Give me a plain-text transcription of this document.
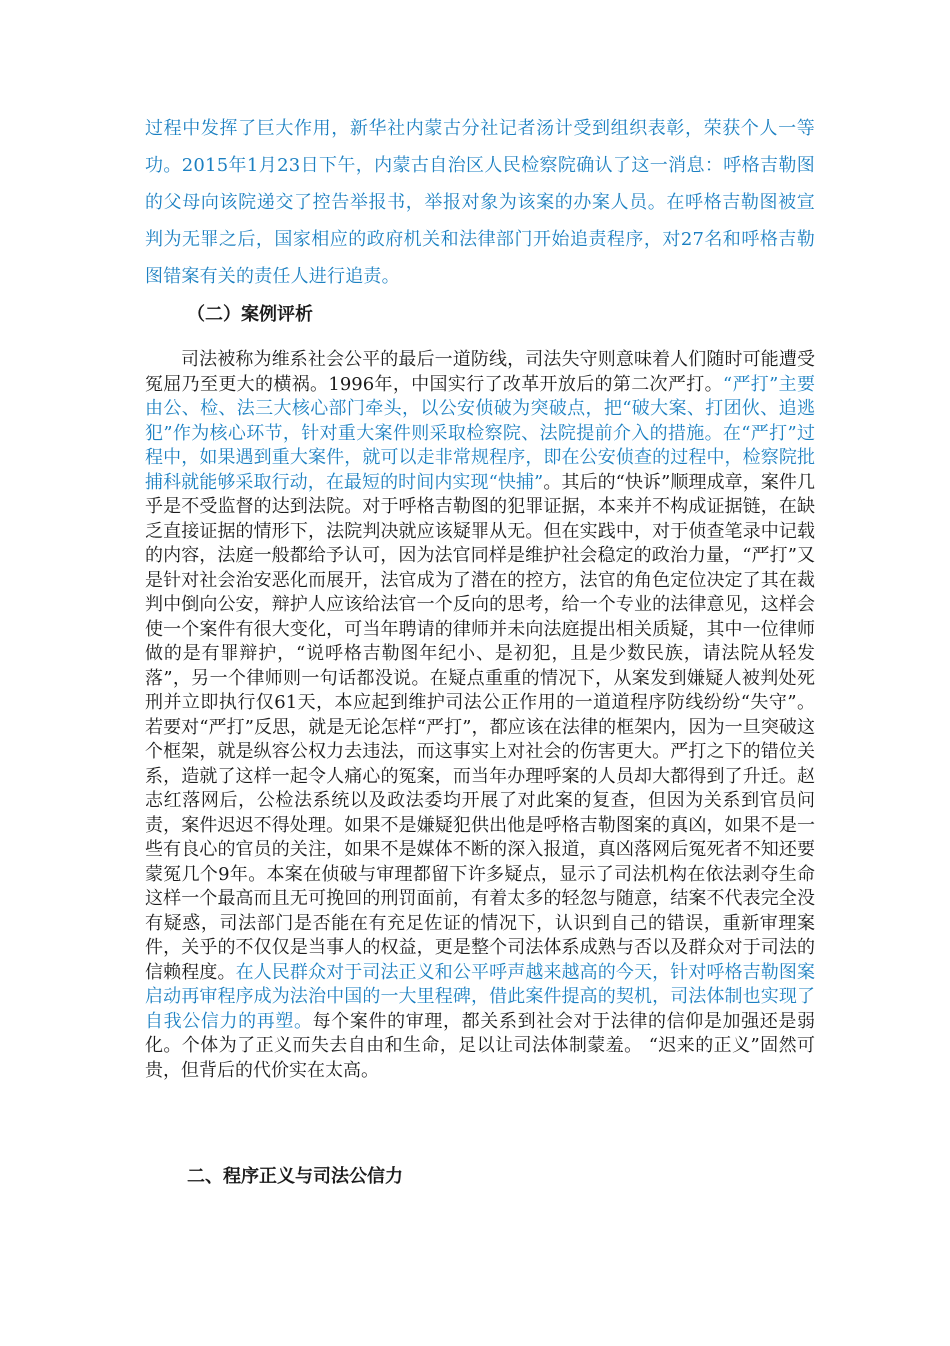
过程中发挥了巨大作用，新华社内蒙古分社记者汤计受到组织表彰，荣获个人一等功。2015年1月23日下午，内蒙古自治区人民检察院确认了这一消息：呼格吉勒图的父母向该院递交了控告举报书，举报对象为该案的办案人员。在呼格吉勒图被宣判为无罪之后，国家相应的政府机关和法律部门开始追责程序，对27名和呼格吉勒图错案有关的责任人进行追责。

（二）案例评析

司法被称为维系社会公平的最后一道防线，司法失守则意味着人们随时可能遭受冤屈乃至更大的横祸。1996年，中国实行了改革开放后的第二次严打。“严打”主要由公、检、法三大核心部门牵头，以公安侦破为突破点，把“破大案、打团伙、追逃犯”作为核心环节，针对重大案件则采取检察院、法院提前介入的措施。在“严打”过程中，如果遇到重大案件，就可以走非常规程序，即在公安侦查的过程中，检察院批捕科就能够采取行动，在最短的时间内实现“快捕”。其后的“快诉”顺理成章，案件几乎是不受监督的达到法院。对于呼格吉勒图的犯罪证据，本来并不构成证据链，在缺乏直接证据的情形下，法院判决就应该疑罪从无。但在实践中，对于侦查笔录中记载的内容，法庭一般都给予认可，因为法官同样是维护社会稳定的政治力量，“严打”又是针对社会治安恶化而展开，法官成为了潜在的控方，法官的角色定位决定了其在裁判中倒向公安，辩护人应该给法官一个反向的思考，给一个专业的法律意见，这样会使一个案件有很大变化，可当年聘请的律师并未向法庭提出相关质疑，其中一位律师做的是有罪辩护，“说呼格吉勒图年纪小、是初犯，且是少数民族，请法院从轻发落”，另一个律师则一句话都没说。在疑点重重的情况下，从案发到嫌疑人被判处死刑并立即执行仅61天，本应起到维护司法公正作用的一道道程序防线纷纷“失守”。若要对“严打”反思，就是无论怎样“严打”，都应该在法律的框架内，因为一旦突破这个框架，就是纵容公权力去违法，而这事实上对社会的伤害更大。严打之下的错位关系，造就了这样一起令人痛心的冤案，而当年办理呼案的人员却大都得到了升迁。赵志红落网后，公检法系统以及政法委均开展了对此案的复查，但因为关系到官员问责，案件迟迟不得处理。如果不是嫌疑犯供出他是呼格吉勒图案的真凶，如果不是一些有良心的官员的关注，如果不是媒体不断的深入报道，真凶落网后冤死者不知还要蒙冤几个9年。本案在侦破与审理都留下许多疑点，显示了司法机构在依法剥夺生命这样一个最高而且无可挽回的刑罚面前，有着太多的轻忽与随意，结案不代表完全没有疑惑，司法部门是否能在有充足佐证的情况下，认识到自己的错误，重新审理案件，关乎的不仅仅是当事人的权益，更是整个司法体系成熟与否以及群众对于司法的信赖程度。在人民群众对于司法正义和公平呼声越来越高的今天，针对呼格吉勒图案启动再审程序成为法治中国的一大里程碑，借此案件提高的契机，司法体制也实现了自我公信力的再塑。每个案件的审理，都关系到社会对于法律的信仰是加强还是弱化。个体为了正义而失去自由和生命，足以让司法体制蒙羞。 “迟来的正义”固然可贵，但背后的代价实在太高。

二、程序正义与司法公信力
